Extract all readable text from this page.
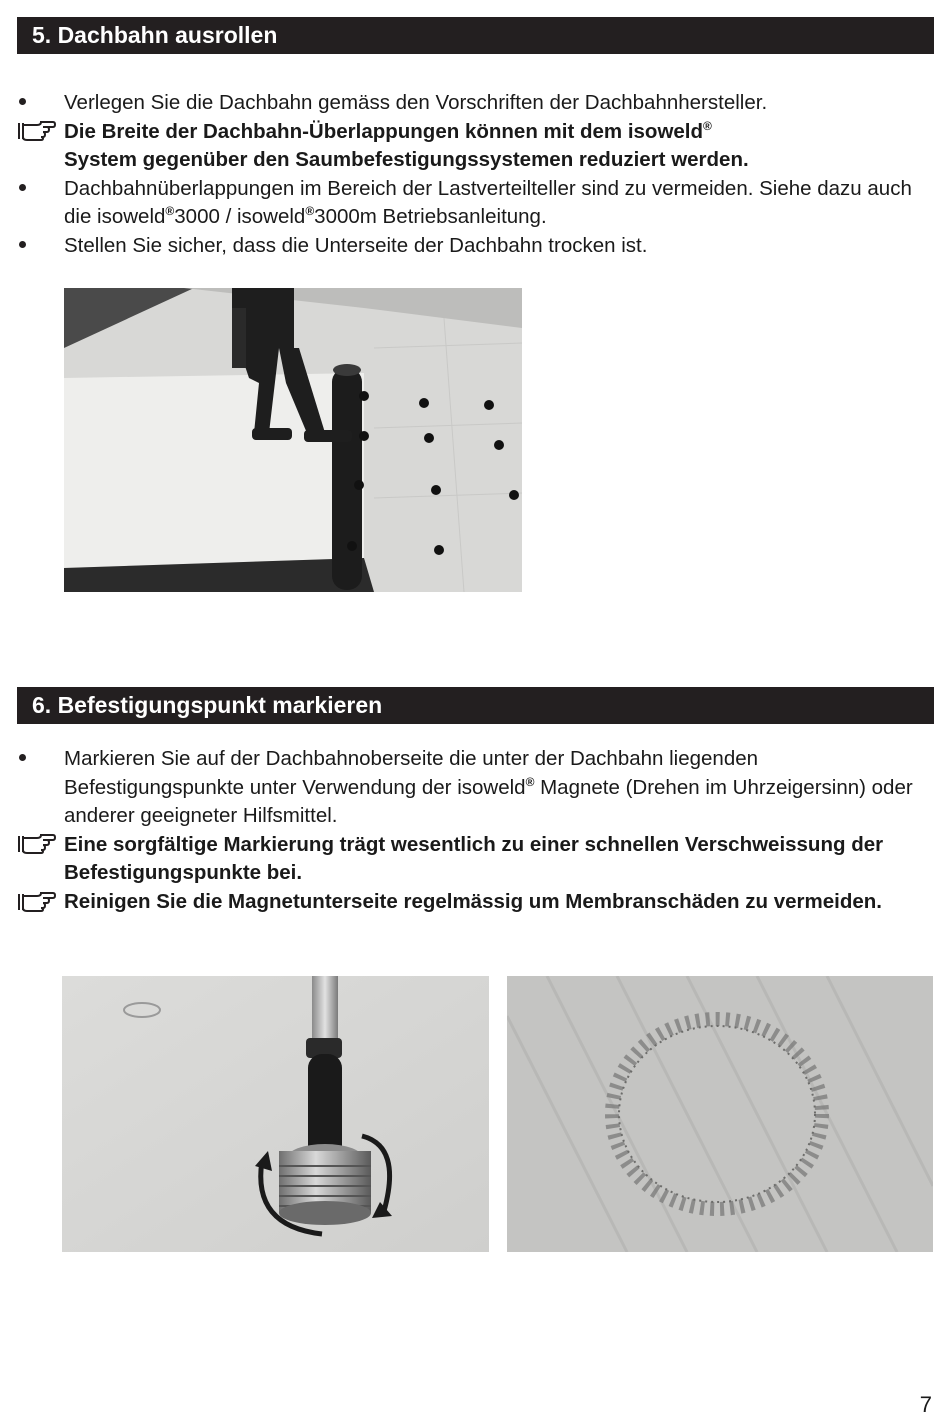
5. Dachbahn ausrollen
Verlegen Sie die Dachbahn gemäss den Vorschriften der Dachbahnhersteller.
Die Breite der Dachbahn-Überlappungen können mit dem isoweld®
System gegenüber den Saumbefestigungssystemen reduziert werden.
Dachbahnüberlappungen im Bereich der Lastverteilteller sind zu vermeiden. Siehe dazu auch die isoweld®3000 / isoweld®3000m Betriebsanleitung.
Stellen Sie sicher, dass die Unterseite der Dachbahn trocken ist.
6. Befestigungspunkt markieren
Markieren Sie auf der Dachbahnoberseite die unter der Dachbahn liegenden Befestigungspunkte unter Verwendung der isoweld® Magnete (Drehen im Uhrzeigersinn) oder anderer geeigneter Hilfsmittel.
Eine sorgfältige Markierung trägt wesentlich zu einer schnellen Verschweissung der Befestigungspunkte bei.
Reinigen Sie die Magnetunterseite regelmässig um Membranschäden zu vermeiden.
7
